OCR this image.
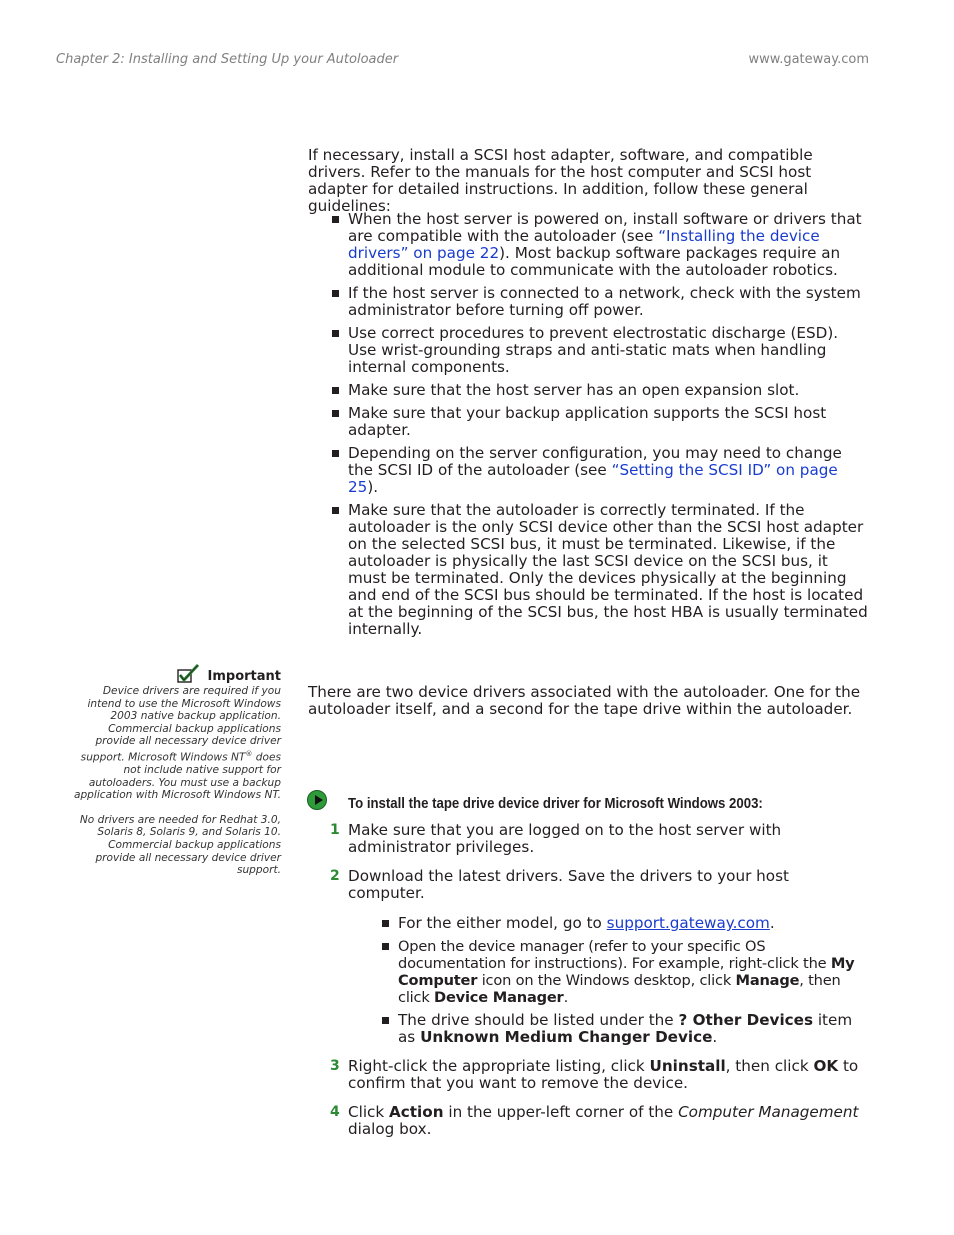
Chapter 2: Installing and Setting Up your Autoloader	www.gateway.com

If necessary, install a SCSI host adapter, software, and compatible drivers. Refer to the manuals for the host computer and SCSI host adapter for detailed instructions. In addition, follow these general guidelines:

When the host server is powered on, install software or drivers that are compatible with the autoloader (see “Installing the device drivers” on page 22). Most backup software packages require an additional module to communicate with the autoloader robotics.
If the host server is connected to a network, check with the system administrator before turning off power.
Use correct procedures to prevent electrostatic discharge (ESD). Use wrist-grounding straps and anti-static mats when handling internal components.
Make sure that the host server has an open expansion slot.
Make sure that your backup application supports the SCSI host adapter.
Depending on the server configuration, you may need to change the SCSI ID of the autoloader (see “Setting the SCSI ID” on page 25).
Make sure that the autoloader is correctly terminated. If the autoloader is the only SCSI device other than the SCSI host adapter on the selected SCSI bus, it must be terminated. Likewise, if the autoloader is physically the last SCSI device on the SCSI bus, it must be terminated. Only the devices physically at the beginning and end of the SCSI bus should be terminated. If the host is located at the beginning of the SCSI bus, the host HBA is usually terminated internally.
Important

Device drivers are required if you intend to use the Microsoft Windows 2003 native backup application. Commercial backup applications provide all necessary device driver support. Microsoft Windows NT® does not include native support for autoloaders. You must use a backup application with Microsoft Windows NT.

No drivers are needed for Redhat 3.0, Solaris 8, Solaris 9, and Solaris 10. Commercial backup applications provide all necessary device driver support.

There are two device drivers associated with the autoloader. One for the autoloader itself, and a second for the tape drive within the autoloader.

To install the tape drive device driver for Microsoft Windows 2003:
1 Make sure that you are logged on to the host server with administrator privileges.
2 Download the latest drivers. Save the drivers to your host computer.
For the either model, go to support.gateway.com.
Open the device manager (refer to your specific OS documentation for instructions). For example, right-click the My Computer icon on the Windows desktop, click Manage, then click Device Manager.
The drive should be listed under the ? Other Devices item as Unknown Medium Changer Device.
3 Right-click the appropriate listing, click Uninstall, then click OK to confirm that you want to remove the device.
4 Click Action in the upper-left corner of the Computer Management dialog box.
